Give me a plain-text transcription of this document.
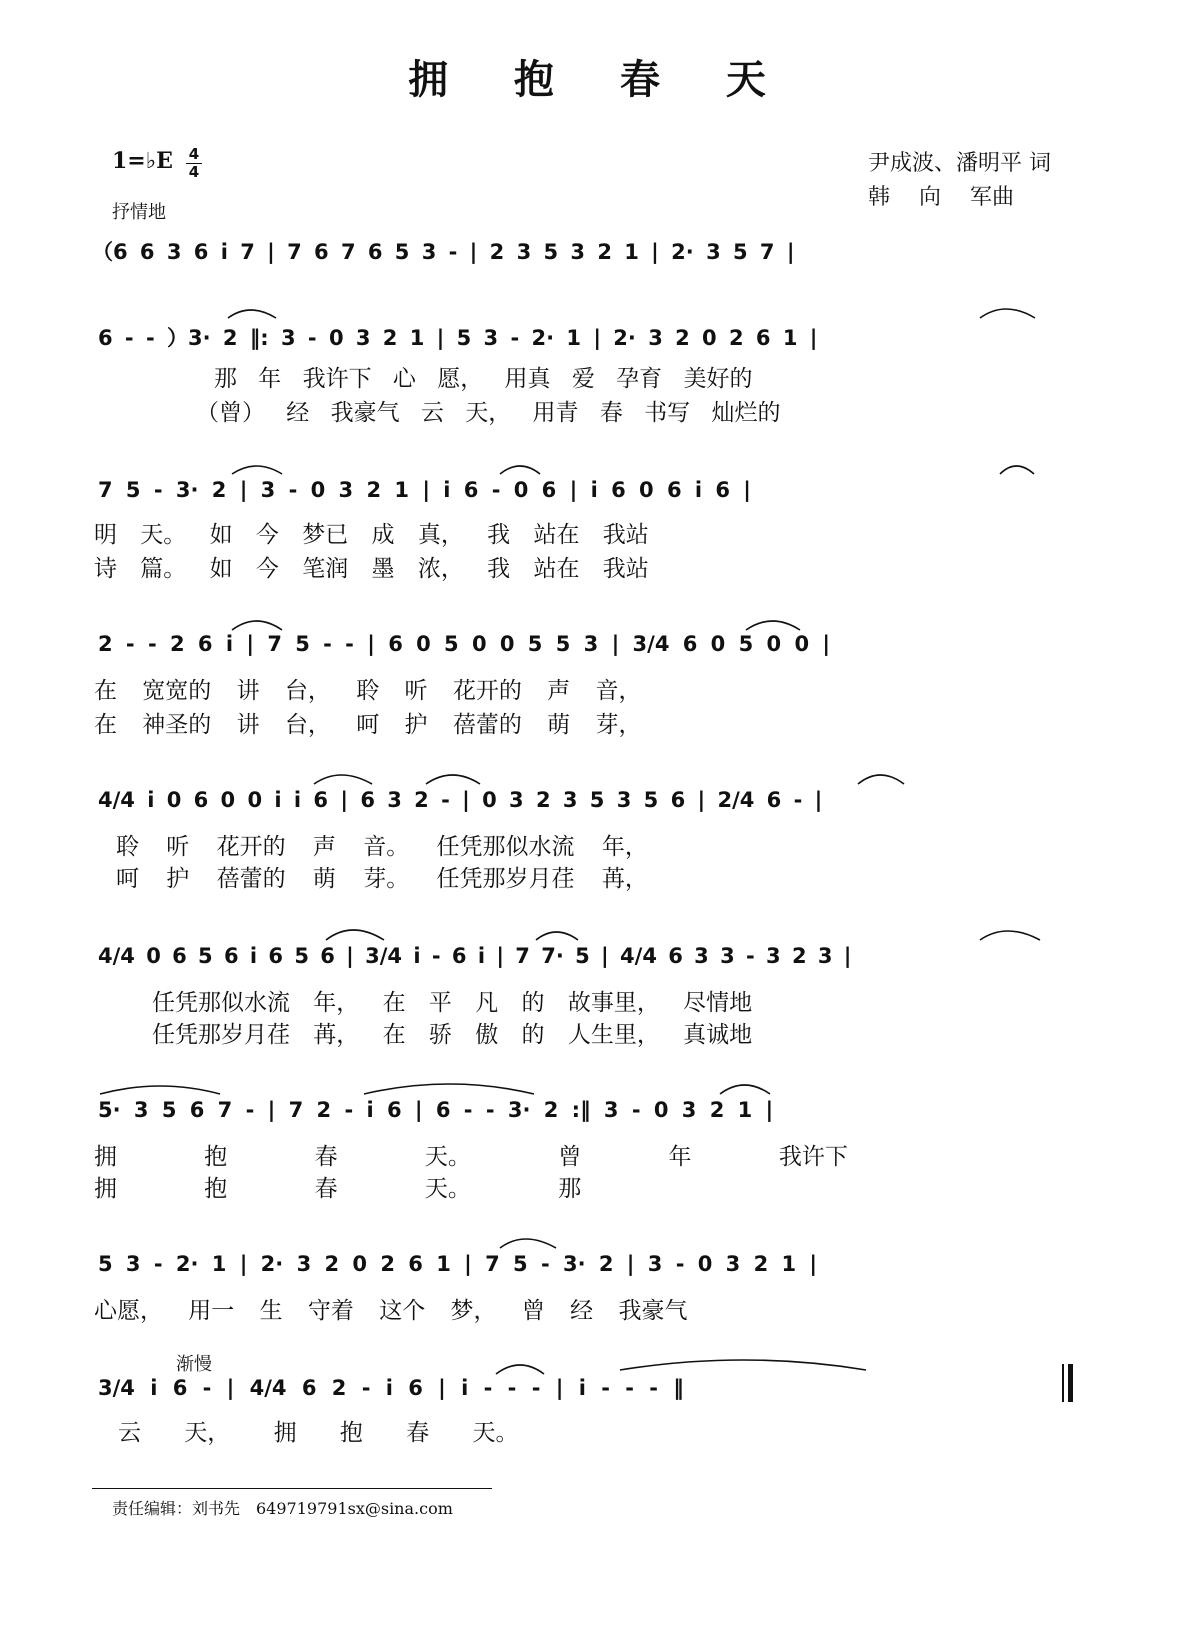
拥 抱 春 天
1=♭E 4
4
抒情地
尹成波、潘明平 词
韩 向 军曲
（6 6 3 6 i 7 | 7 6 7 6 5 3 - | 2 3 5 3 2 1 | 2· 3 5 7 |
6 - - ）3· 2 ‖: 3 - 0 3 2 1 | 5 3 - 2· 1 | 2· 3 2 0 2 6 1 |
那 年 我许下 心 愿， 用真 爱 孕育 美好的
（曾） 经 我豪气 云 天， 用青 春 书写 灿烂的
7 5 - 3· 2 | 3 - 0 3 2 1 | i 6 - 0 6 | i 6 0 6 i 6 |
明 天。 如 今 梦已 成 真， 我 站在 我站
诗 篇。 如 今 笔润 墨 浓， 我 站在 我站
2 - - 2 6 i | 7 5 - - | 6 0 5 0 0 5 5 3 | 3/4 6 0 5 0 0 |
在 宽宽的 讲 台， 聆 听 花开的 声 音，
在 神圣的 讲 台， 呵 护 蓓蕾的 萌 芽，
4/4 i 0 6 0 0 i i 6 | 6 3 2 - | 0 3 2 3 5 3 5 6 | 2/4 6 - |
聆 听 花开的 声 音。 任凭那似水流 年，
呵 护 蓓蕾的 萌 芽。 任凭那岁月荏 苒，
4/4 0 6 5 6 i 6 5 6 | 3/4 i - 6 i | 7 7· 5 | 4/4 6 3 3 - 3 2 3 |
任凭那似水流 年， 在 平 凡 的 故事里， 尽情地
任凭那岁月荏 苒， 在 骄 傲 的 人生里， 真诚地
5· 3 5 6 7 - | 7 2 - i 6 | 6 - - 3· 2 :‖ 3 - 0 3 2 1 |
拥 抱 春 天。 曾 年 我许下
拥 抱 春 天。 那
5 3 - 2· 1 | 2· 3 2 0 2 6 1 | 7 5 - 3· 2 | 3 - 0 3 2 1 |
心愿， 用一 生 守着 这个 梦， 曾 经 我豪气
渐慢
3/4 i 6 - | 4/4 6 2 - i 6 | i - - - | i - - - ‖
云 天， 拥 抱 春 天。
责任编辑：刘书先　649719791sx@sina.com
